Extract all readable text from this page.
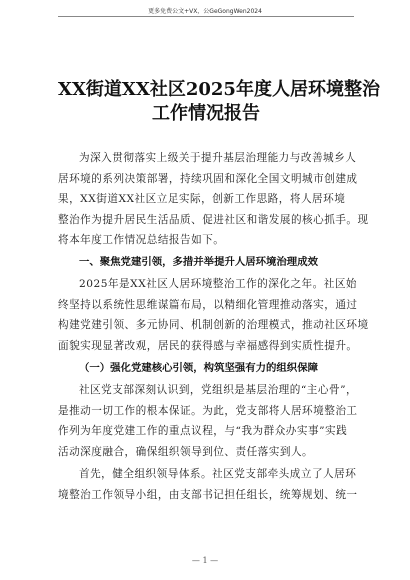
更多免费公文+VX，公GeGongWen2024
XX街道XX社区2025年度人居环境整治
工作情况报告
为深入贯彻落实上级关于提升基层治理能力与改善城乡人
居环境的系列决策部署，持续巩固和深化全国文明城市创建成
果，XX街道XX社区立足实际，创新工作思路，将人居环境
整治作为提升居民生活品质、促进社区和谐发展的核心抓手。现
将本年度工作情况总结报告如下。
一、聚焦党建引领，多措并举提升人居环境治理成效
2025年是XX社区人居环境整治工作的深化之年。社区始
终坚持以系统性思维谋篇布局，以精细化管理推动落实，通过
构建党建引领、多元协同、机制创新的治理模式，推动社区环境
面貌实现显著改观，居民的获得感与幸福感得到实质性提升。
（一）强化党建核心引领，构筑坚强有力的组织保障
社区党支部深刻认识到，党组织是基层治理的“主心骨”，
是推动一切工作的根本保证。为此，党支部将人居环境整治工
作列为年度党建工作的重点议程，与“我为群众办实事”实践
活动深度融合，确保组织领导到位、责任落实到人。
首先，健全组织领导体系。社区党支部牵头成立了人居环
境整治工作领导小组，由支部书记担任组长，统筹规划、统一
— 1 —
